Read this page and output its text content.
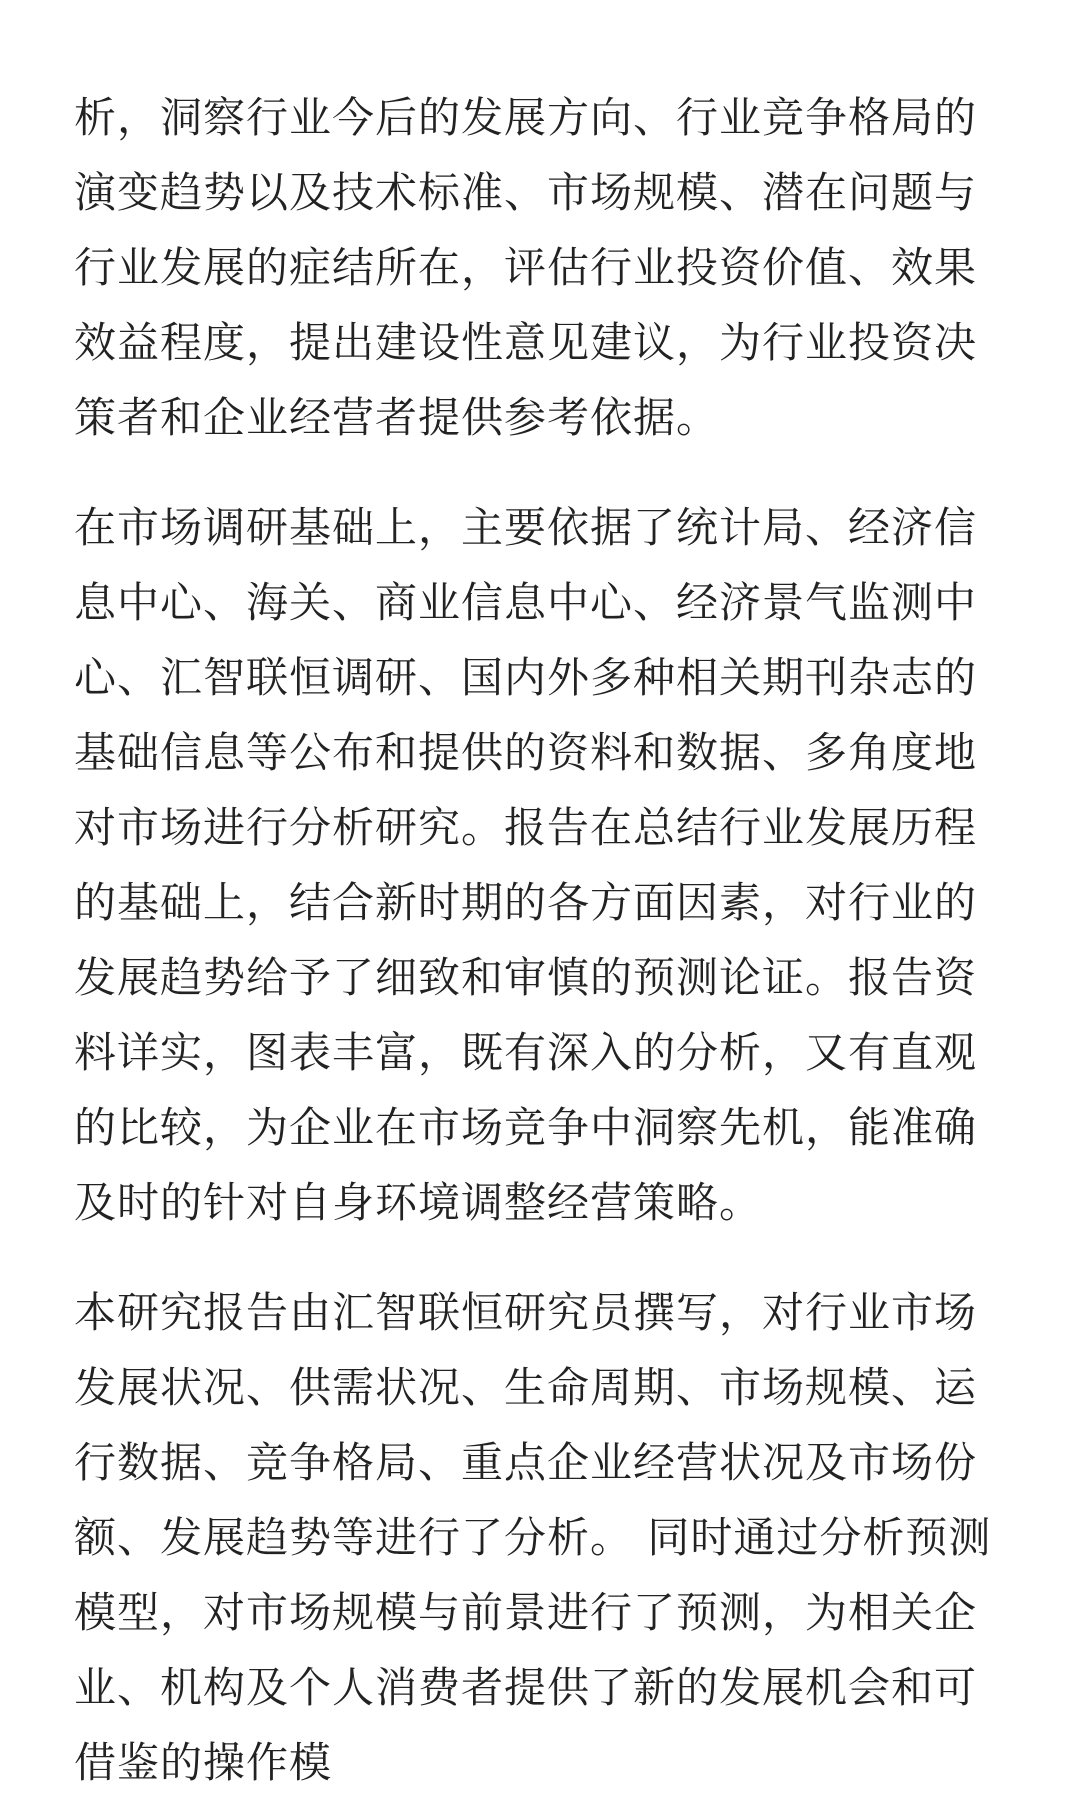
析，洞察行业今后的发展方向、行业竞争格局的演变趋势以及技术标准、市场规模、潜在问题与行业发展的症结所在，评估行业投资价值、效果效益程度，提出建设性意见建议，为行业投资决策者和企业经营者提供参考依据。

在市场调研基础上，主要依据了统计局、经济信息中心、海关、商业信息中心、经济景气监测中心、汇智联恒调研、国内外多种相关期刊杂志的基础信息等公布和提供的资料和数据、多角度地对市场进行分析研究。报告在总结行业发展历程的基础上，结合新时期的各方面因素，对行业的发展趋势给予了细致和审慎的预测论证。报告资料详实，图表丰富，既有深入的分析，又有直观的比较，为企业在市场竞争中洞察先机，能准确及时的针对自身环境调整经营策略。

本研究报告由汇智联恒研究员撰写，对行业市场发展状况、供需状况、生命周期、市场规模、运行数据、竞争格局、重点企业经营状况及市场份额、发展趋势等进行了分析。 同时通过分析预测模型，对市场规模与前景进行了预测，为相关企业、机构及个人消费者提供了新的发展机会和可借鉴的操作模
